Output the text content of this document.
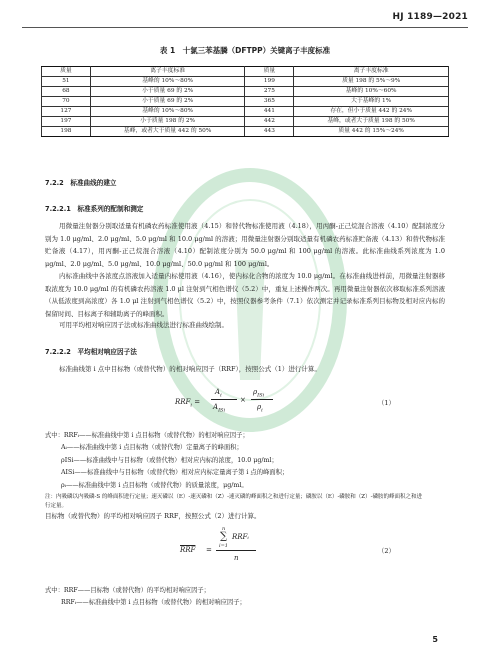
HJ 1189—2021
表 1　十氯三苯基膦（DFTPP）关键离子丰度标准
质量	离子丰度标准	质量	离子丰度标准
51	基峰的 10%～80%	199	质量 198 的 5%～9%
68	小于质量 69 的 2%	275	基峰的 10%～60%
70	小于质量 69 的 2%	365	大于基峰的 1%
127	基峰的 10%～80%	441	存在，但小于质量 442 的 24%
197	小于质量 198 的 2%	442	基峰，或者大于质量 198 的 50%
198	基峰，或者大于质量 442 的 50%	443	质量 442 的 15%～24%
7.2.2　标准曲线的建立
7.2.2.1　标准系列的配制和测定
用微量注射器分别取适量有机磷农药标准使用液（4.15）和替代物标准使用液（4.18），用丙酮-正己烷混合溶液（4.10）配制浓度分别为 1.0 μg/ml、2.0 μg/ml、5.0 μg/ml 和 10.0 μg/ml 的溶液；用微量注射器分别取适量有机磷农药标准贮备液（4.13）和替代物标准贮备液（4.17），用丙酮-正己烷混合溶液（4.10）配制浓度分别为 50.0 μg/ml 和 100 μg/ml 的溶液。此标准曲线系列浓度为 1.0 μg/ml、2.0 μg/ml、5.0 μg/ml、10.0 μg/ml、50.0 μg/ml 和 100 μg/ml。
内标准曲线中各浓度点溶液加入适量内标使用液（4.16），使内标化合物的浓度为 10.0 μg/ml。在标准曲线进样前，用微量注射器移取浓度为 10.0 μg/ml 的有机磷农药溶液 1.0 μl 注射到气相色谱仪（5.2）中，重复上述操作两次。再用微量注射器依次移取标准系列溶液（从低浓度到高浓度）各 1.0 μl 注射到气相色谱仪（5.2）中，按照仪器参考条件（7.1）依次测定并记录标准系列目标物及相对应内标的保留时间、目标离子和辅助离子的峰面积。
可用平均相对响应因子法或标准曲线法进行标准曲线绘制。
7.2.2.2　平均相对响应因子法
标准曲线第 i 点中目标物（或替代物）的相对响应因子（RRF），按照公式（1）进行计算。
$RRF_i$ =
$A_i$
$A_{ISi}$
×
$\rho_{ISi}$
$\rho_i$
（1）
式中：RRFᵢ——标准曲线中第 i 点目标物（或替代物）的相对响应因子；
Aᵢ——标准曲线中第 i 点目标物（或替代物）定量离子的峰面积；
ρISi——标准曲线中与目标物（或替代物）相对应内标的浓度，10.0 μg/ml；
AISi——标准曲线中与目标物（或替代物）相对应内标定量离子第 i 点的峰面积；
ρᵢ——标准曲线中第 i 点目标物（或替代物）的质量浓度，μg/ml。
注：内吸磷以内吸磷-S 的峰面积进行定量；速灭磷以（E）-速灭磷和（Z）-速灭磷的峰面积之和进行定量；磷胺以（E）-磷胺和（Z）-磷胺的峰面积之和进行定量。
目标物（或替代物）的平均相对响应因子 RRF，按照公式（2）进行计算。
$\overline{RRF}$ =
n
∑
i=1
RRFᵢ
n
（2）
式中：RRF——目标物（或替代物）的平均相对响应因子；
RRFᵢ——标准曲线中第 i 点目标物（或替代物）的相对响应因子；
5
